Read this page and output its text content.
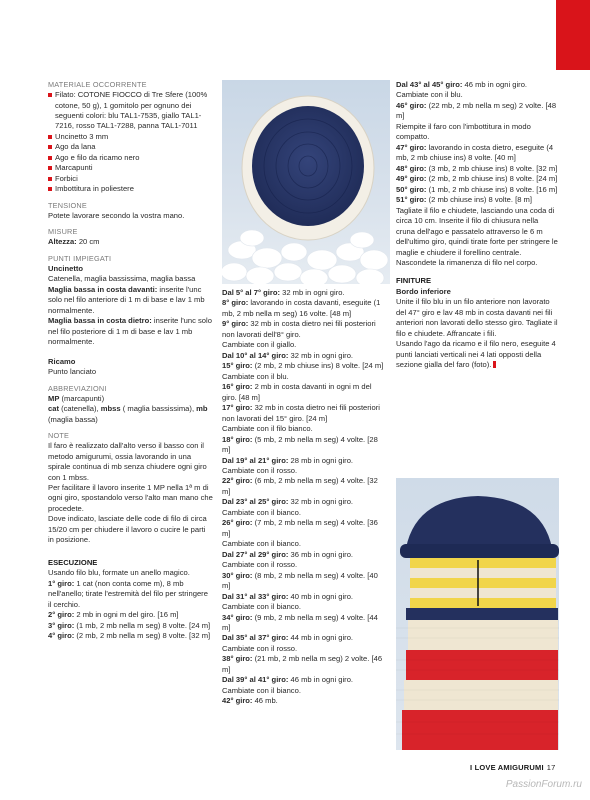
MATERIALE OCCORRENTE
Filato: COTONE FIOCCO di Tre Sfere (100% cotone, 50 g), 1 gomitolo per ognuno dei seguenti colori: blu TAL1-7535, giallo TAL1-7216, rosso TAL1-7288, panna TAL1-7011
Uncinetto 3 mm
Ago da lana
Ago e filo da ricamo nero
Marcapunti
Forbici
Imbottitura in poliestere
TENSIONE
Potete lavorare secondo la vostra mano.
MISURE
Altezza: 20 cm
PUNTI IMPIEGATI
Uncinetto
Catenella, maglia bassissima, maglia bassa
Maglia bassa in costa davanti: inserite l'unc solo nel filo anteriore di 1 m di base e lav 1 mb normalmente.
Maglia bassa in costa dietro: inserite l'unc solo nel filo posteriore di 1 m di base e lav 1 mb normalmente.
Ricamo
Punto lanciato
ABBREVIAZIONI
MP (marcapunti)
cat (catenella), mbss ( maglia bassissima), mb (maglia bassa)
NOTE
Il faro è realizzato dall'alto verso il basso con il metodo amigurumi, ossia lavorando in una spirale continua di mb senza chiudere ogni giro con 1 mbss.
Per facilitare il lavoro inserite 1 MP nella 1ª m di ogni giro, spostandolo verso l'alto man mano che procedete.
Dove indicato, lasciate delle code di filo di circa 15/20 cm per chiudere il lavoro o cucire le parti in posizione.
ESECUZIONE
Usando filo blu, formate un anello magico.
1° giro: 1 cat (non conta come m), 8 mb nell'anello; tirate l'estremità del filo per stringere il cerchio.
2° giro: 2 mb in ogni m del giro. [16 m]
3° giro: (1 mb, 2 mb nella m seg) 8 volte. [24 m]
4° giro: (2 mb, 2 mb nella m seg) 8 volte. [32 m]
Dal 5° al 7° giro: 32 mb in ogni giro.
8° giro: lavorando in costa davanti, eseguite (1 mb, 2 mb nella m seg) 16 volte. [48 m]
9° giro: 32 mb in costa dietro nei fili posteriori non lavorati dell'8° giro.
Cambiate con il giallo.
Dal 10° al 14° giro: 32 mb in ogni giro.
15° giro: (2 mb, 2 mb chiuse ins) 8 volte. [24 m]
Cambiate con il blu.
16° giro: 2 mb in costa davanti in ogni m del giro. [48 m]
17° giro: 32 mb in costa dietro nei fili posteriori non lavorati del 15° giro. [24 m]
Cambiate con il filo bianco.
18° giro: (5 mb, 2 mb nella m seg) 4 volte. [28 m]
Dal 19° al 21° giro: 28 mb in ogni giro.
Cambiate con il rosso.
22° giro: (6 mb, 2 mb nella m seg) 4 volte. [32 m]
Dal 23° al 25° giro: 32 mb in ogni giro.
Cambiate con il bianco.
26° giro: (7 mb, 2 mb nella m seg) 4 volte. [36 m]
Cambiate con il bianco.
Dal 27° al 29° giro: 36 mb in ogni giro.
Cambiate con il rosso.
30° giro: (8 mb, 2 mb nella m seg) 4 volte. [40 m]
Dal 31° al 33° giro: 40 mb in ogni giro.
Cambiate con il bianco.
34° giro: (9 mb, 2 mb nella m seg) 4 volte. [44 m]
Dal 35° al 37° giro: 44 mb in ogni giro.
Cambiate con il rosso.
38° giro: (21 mb, 2 mb nella m seg) 2 volte. [46 m]
Dal 39° al 41° giro: 46 mb in ogni giro.
Cambiate con il bianco.
42° giro: 46 mb.
Dal 43° al 45° giro: 46 mb in ogni giro.
Cambiate con il blu.
46° giro: (22 mb, 2 mb nella m seg) 2 volte. [48 m]
Riempite il faro con l'imbottitura in modo compatto.
47° giro: lavorando in costa dietro, eseguite (4 mb, 2 mb chiuse ins) 8 volte. [40 m]
48° giro: (3 mb, 2 mb chiuse ins) 8 volte. [32 m]
49° giro: (2 mb, 2 mb chiuse ins) 8 volte. [24 m]
50° giro: (1 mb, 2 mb chiuse ins) 8 volte. [16 m]
51° giro: (2 mb chiuse ins) 8 volte. [8 m]
Tagliate il filo e chiudete, lasciando una coda di circa 10 cm. Inserite il filo di chiusura nella cruna dell'ago e passatelo attraverso le 6 m dell'ultimo giro, quindi tirate forte per stringere le maglie e chiudere il forellino centrale. Nascondete la rimanenza di filo nel corpo.
FINITURE
Bordo inferiore
Unite il filo blu in un filo anteriore non lavorato del 47° giro e lav 48 mb in costa davanti nei fili anteriori non lavorati dello stesso giro. Tagliate il filo e chiudete. Affrancate i fili.
Usando l'ago da ricamo e il filo nero, eseguite 4 punti lanciati verticali nei 4 lati opposti della sezione gialla del faro (foto).
I LOVE AMIGURUMI 17
PassionForum.ru
